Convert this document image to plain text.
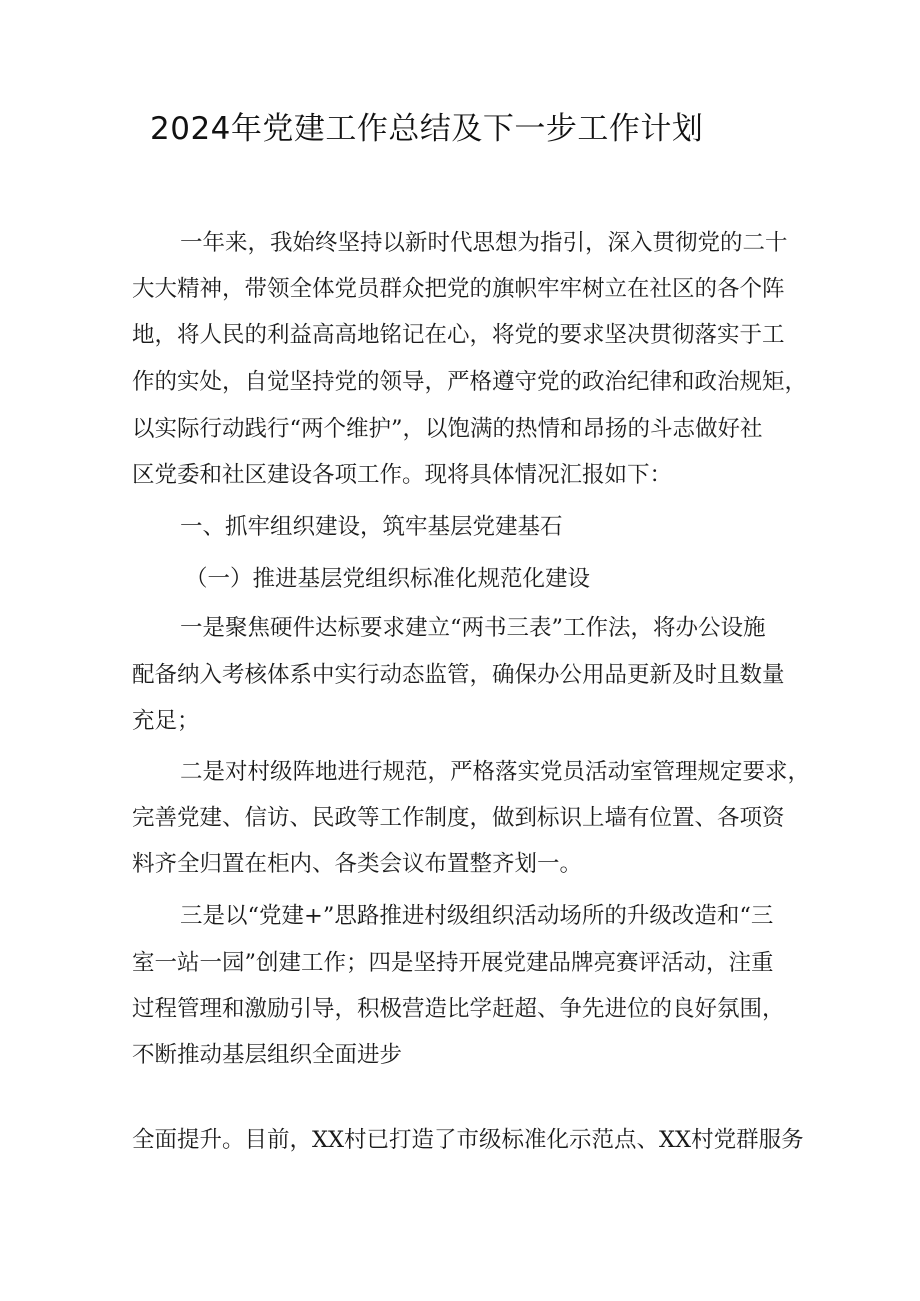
2024年党建工作总结及下一步工作计划
一年来，我始终坚持以新时代思想为指引，深入贯彻党的二十
大大精神，带领全体党员群众把党的旗帜牢牢树立在社区的各个阵
地，将人民的利益高高地铭记在心，将党的要求坚决贯彻落实于工
作的实处，自觉坚持党的领导，严格遵守党的政治纪律和政治规矩，
以实际行动践行“两个维护”，以饱满的热情和昂扬的斗志做好社
区党委和社区建设各项工作。现将具体情况汇报如下：
一、抓牢组织建设，筑牢基层党建基石
（一）推进基层党组织标准化规范化建设
一是聚焦硬件达标要求建立“两书三表”工作法，将办公设施
配备纳入考核体系中实行动态监管，确保办公用品更新及时且数量
充足；
二是对村级阵地进行规范，严格落实党员活动室管理规定要求，
完善党建、信访、民政等工作制度，做到标识上墙有位置、各项资
料齐全归置在柜内、各类会议布置整齐划一。
三是以“党建+”思路推进村级组织活动场所的升级改造和“三
室一站一园”创建工作；四是坚持开展党建品牌亮赛评活动，注重
过程管理和激励引导，积极营造比学赶超、争先进位的良好氛围，
不断推动基层组织全面进步
全面提升。目前，XX村已打造了市级标准化示范点、XX村党群服务
